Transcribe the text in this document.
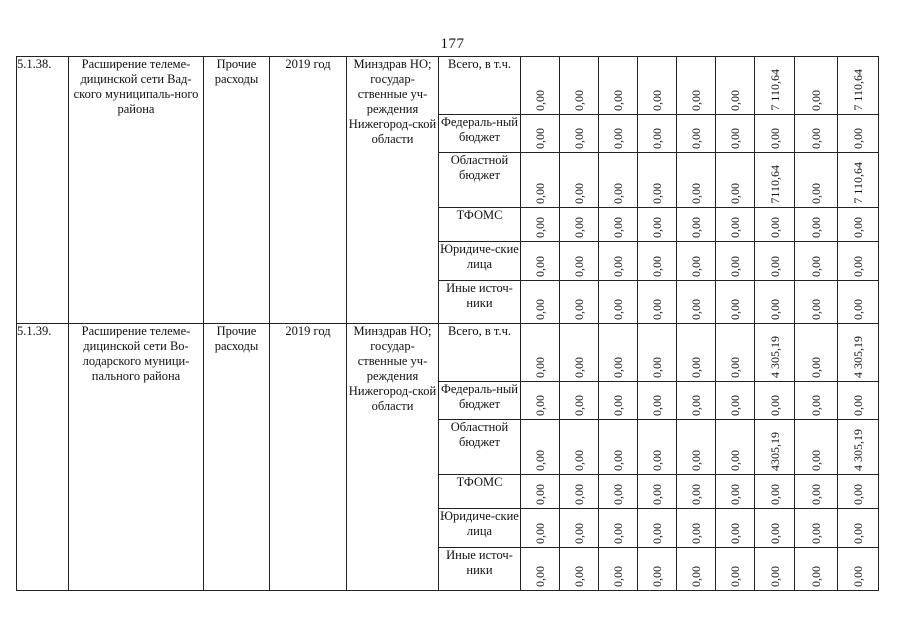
177
5.1.38.	Расширение телеме-дицинской сети Вад-ского муниципаль-ного района	Прочие расходы	2019 год	Минздрав НО; государ-ственные уч-реждения Нижегород-ской области	Всего, в т.ч.	0,00	0,00	0,00	0,00	0,00	0,00	7 110,64	0,00	7 110,64

					Федераль-ный бюджет	0,00	0,00	0,00	0,00	0,00	0,00	0,00	0,00	0,00

					Областной бюджет	0,00	0,00	0,00	0,00	0,00	0,00	7110,64	0,00	7 110,64

					ТФОМС	0,00	0,00	0,00	0,00	0,00	0,00	0,00	0,00	0,00

					Юридиче-ские лица	0,00	0,00	0,00	0,00	0,00	0,00	0,00	0,00	0,00

					Иные источ-ники	0,00	0,00	0,00	0,00	0,00	0,00	0,00	0,00	0,00

5.1.39.	Расширение телеме-дицинской сети Во-лодарского муници-пального района	Прочие расходы	2019 год	Минздрав НО; государ-ственные уч-реждения Нижегород-ской области	Всего, в т.ч.	0,00	0,00	0,00	0,00	0,00	0,00	4 305,19	0,00	4 305,19

					Федераль-ный бюджет	0,00	0,00	0,00	0,00	0,00	0,00	0,00	0,00	0,00

					Областной бюджет	0,00	0,00	0,00	0,00	0,00	0,00	4305,19	0,00	4 305,19

					ТФОМС	0,00	0,00	0,00	0,00	0,00	0,00	0,00	0,00	0,00

					Юридиче-ские лица	0,00	0,00	0,00	0,00	0,00	0,00	0,00	0,00	0,00

					Иные источ-ники	0,00	0,00	0,00	0,00	0,00	0,00	0,00	0,00	0,00
